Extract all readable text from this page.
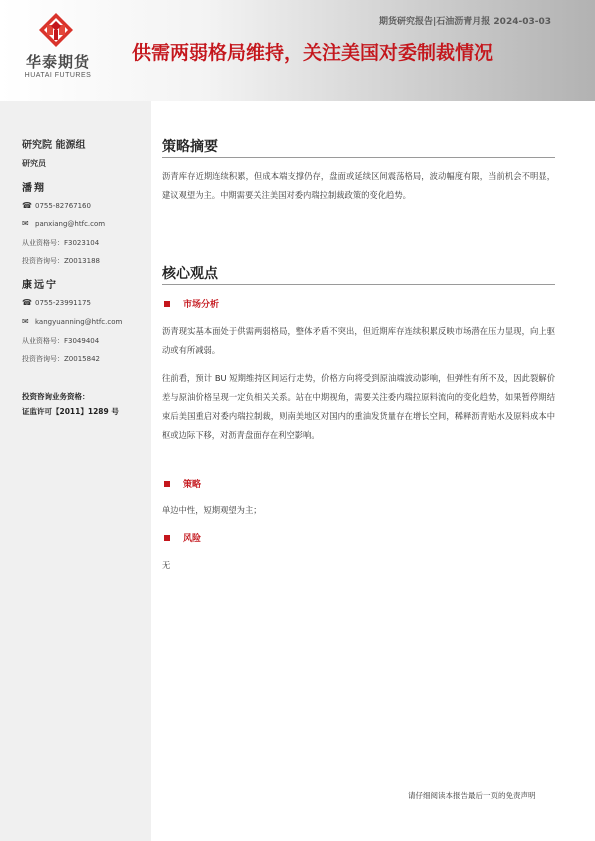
华泰期货
HUATAI FUTURES
期货研究报告|石油沥青月报 2024-03-03
供需两弱格局维持，关注美国对委制裁情况
研究院 能源组
研究员
潘翔
☎ 0755-82767160
✉ panxiang@htfc.com
从业资格号：F3023104
投资咨询号：Z0013188
康远宁
☎ 0755-23991175
✉ kangyuanning@htfc.com
从业资格号：F3049404
投资咨询号：Z0015842
投资咨询业务资格：
证监许可【2011】1289 号
策略摘要
沥青库存近期连续积累，但成本端支撑仍存，盘面或延续区间震荡格局，波动幅度有限，当前机会不明显，建议观望为主。中期需要关注美国对委内瑞拉制裁政策的变化趋势。
核心观点
市场分析
沥青现实基本面处于供需两弱格局，整体矛盾不突出，但近期库存连续积累反映市场潜在压力显现，向上驱动或有所减弱。
往前看，预计 BU 短期维持区间运行走势，价格方向将受到原油端波动影响，但弹性有所不及，因此裂解价差与原油价格呈现一定负相关关系。站在中期视角，需要关注委内瑞拉原料流向的变化趋势，如果暂停期结束后美国重启对委内瑞拉制裁，则南美地区对国内的重油发货量存在增长空间，稀释沥青贴水及原料成本中枢或边际下移，对沥青盘面存在利空影响。
策略
单边中性，短期观望为主；
风险
无
请仔细阅读本报告最后一页的免责声明
